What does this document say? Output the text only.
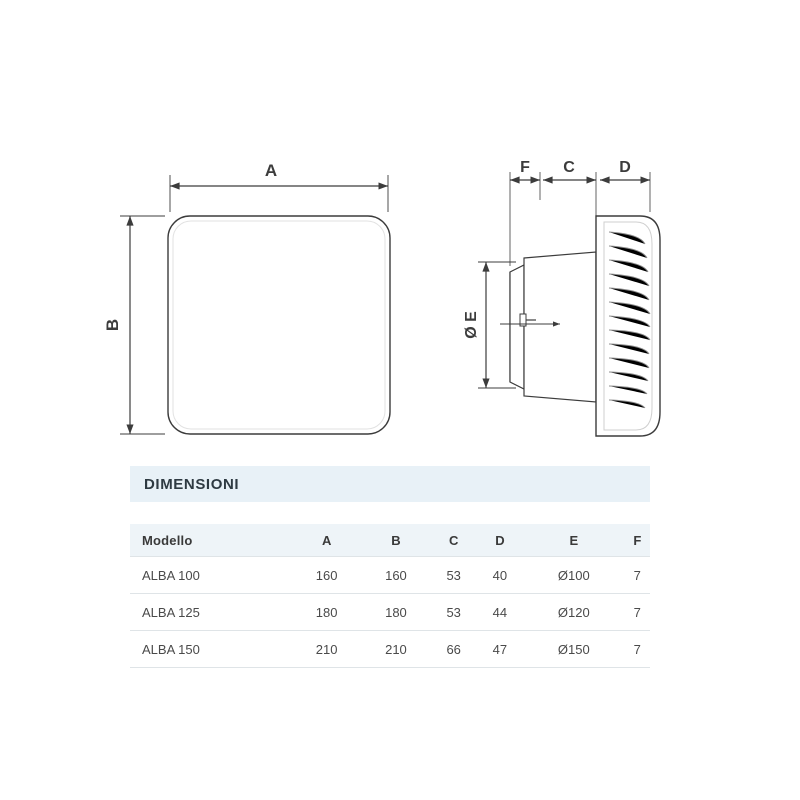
A
B
F C	D
Ø E
DIMENSIONI
Modello	A	B	C	D	E	F
ALBA 100	160	160	53	40	Ø100	7
ALBA 125	180	180	53	44	Ø120	7
ALBA 150	210	210	66	47	Ø150	7
